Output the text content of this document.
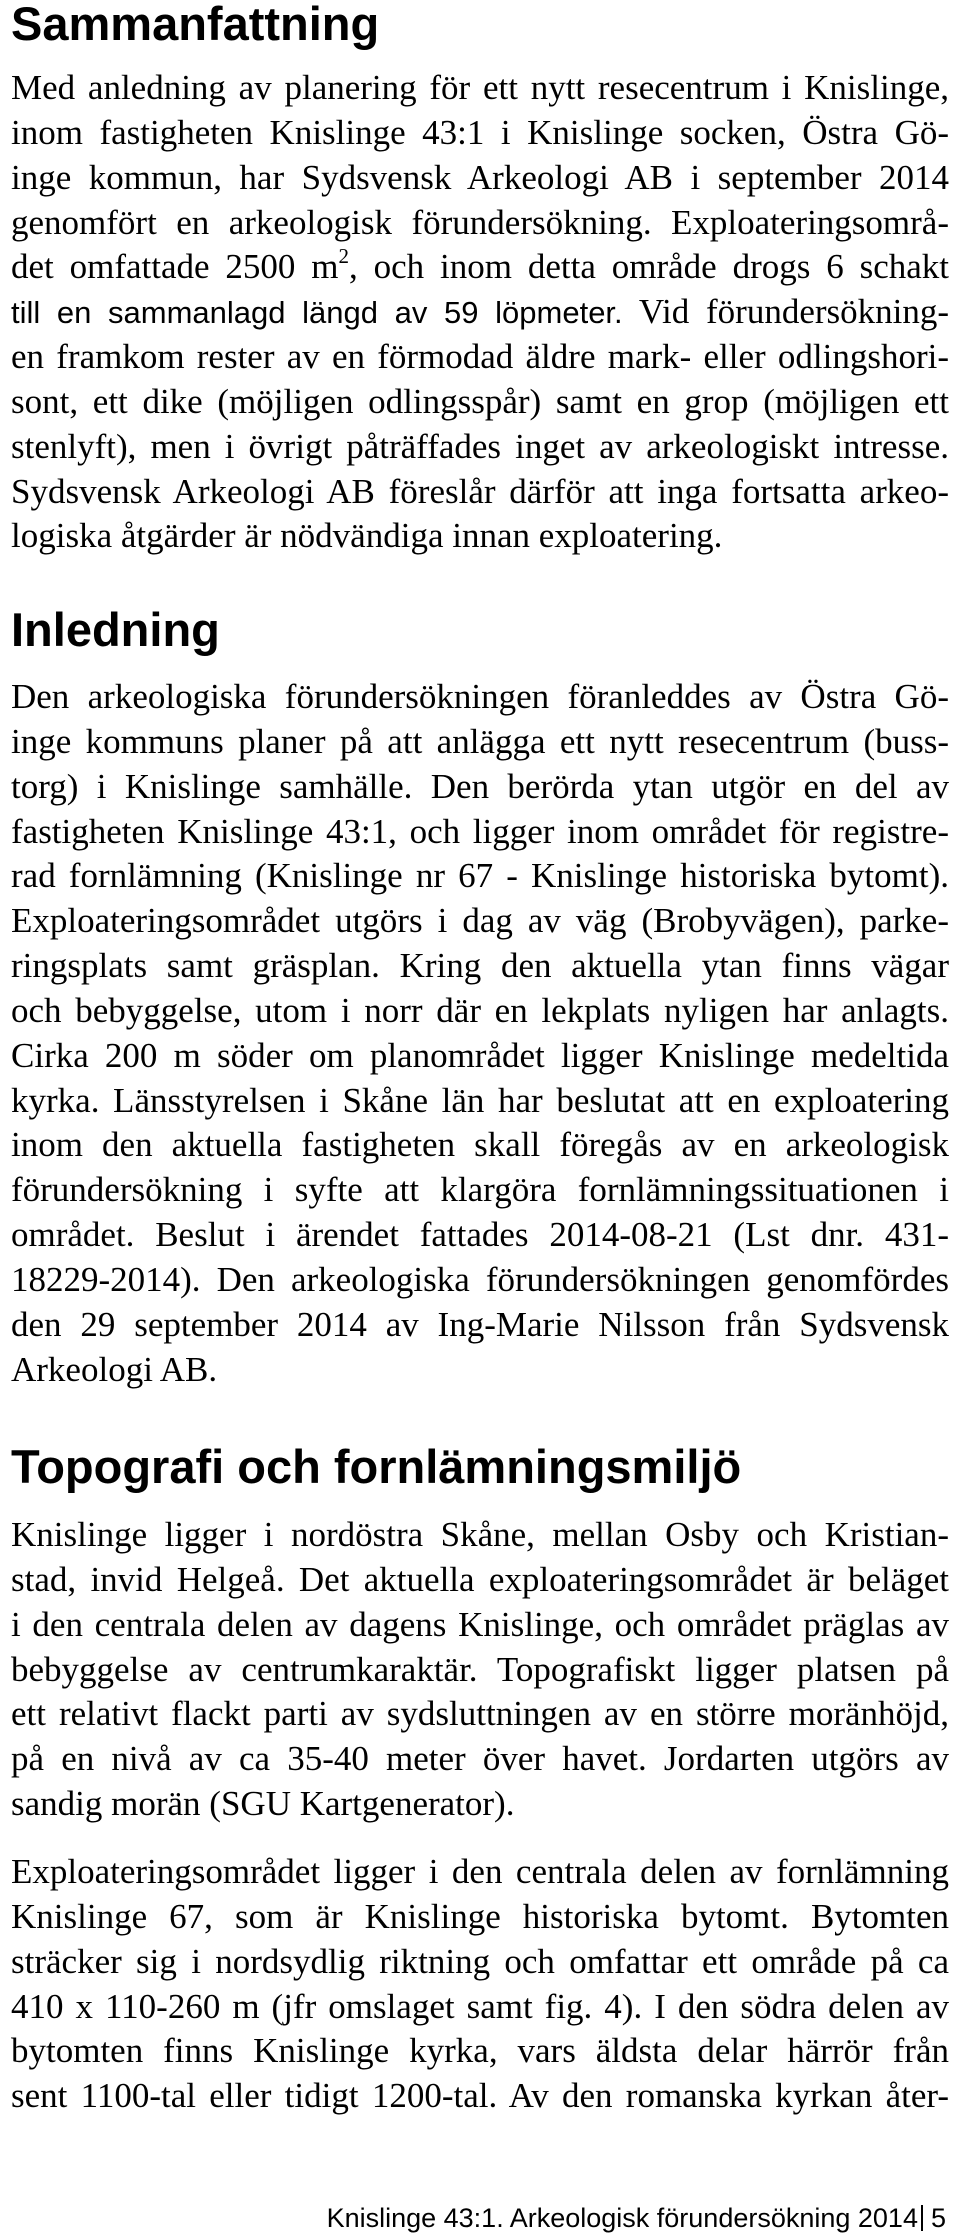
Sammanfattning
Med anledning av planering för ett nytt resecentrum i Knislinge,
inom fastigheten Knislinge 43:1 i Knislinge socken, Östra Gö-
inge kommun, har Sydsvensk Arkeologi AB i september 2014
genomfört en arkeologisk förundersökning. Exploateringsområ-
det omfattade 2500 $m^2$, och inom detta område drogs 6 schakt
till en sammanlagd längd av 59 löpmeter. Vid förundersökning-
en framkom rester av en förmodad äldre mark- eller odlingshori-
sont, ett dike (möjligen odlingsspår) samt en grop (möjligen ett
stenlyft), men i övrigt påträffades inget av arkeologiskt intresse.
Sydsvensk Arkeologi AB föreslår därför att inga fortsatta arkeo-
logiska åtgärder är nödvändiga innan exploatering.
Inledning
Den arkeologiska förundersökningen föranleddes av Östra Gö-
inge kommuns planer på att anlägga ett nytt resecentrum (buss-
torg) i Knislinge samhälle. Den berörda ytan utgör en del av
fastigheten Knislinge 43:1, och ligger inom området för registre-
rad fornlämning (Knislinge nr 67 - Knislinge historiska bytomt).
Exploateringsområdet utgörs i dag av väg (Brobyvägen), parke-
ringsplats samt gräsplan. Kring den aktuella ytan finns vägar
och bebyggelse, utom i norr där en lekplats nyligen har anlagts.
Cirka 200 m söder om planområdet ligger Knislinge medeltida
kyrka. Länsstyrelsen i Skåne län har beslutat att en exploatering
inom den aktuella fastigheten skall föregås av en arkeologisk
förundersökning i syfte att klargöra fornlämningssituationen i
området. Beslut i ärendet fattades 2014-08-21 (Lst dnr. 431-
18229-2014). Den arkeologiska förundersökningen genomfördes
den 29 september 2014 av Ing-Marie Nilsson från Sydsvensk
Arkeologi AB.
Topografi och fornlämningsmiljö
Knislinge ligger i nordöstra Skåne, mellan Osby och Kristian-
stad, invid Helgeå. Det aktuella exploateringsområdet är beläget
i den centrala delen av dagens Knislinge, och området präglas av
bebyggelse av centrumkaraktär. Topografiskt ligger platsen på
ett relativt flackt parti av sydsluttningen av en större moränhöjd,
på en nivå av ca 35-40 meter över havet. Jordarten utgörs av
sandig morän (SGU Kartgenerator).
Exploateringsområdet ligger i den centrala delen av fornlämning
Knislinge 67, som är Knislinge historiska bytomt. Bytomten
sträcker sig i nordsydlig riktning och omfattar ett område på ca
410 x 110-260 m (jfr omslaget samt fig. 4). I den södra delen av
bytomten finns Knislinge kyrka, vars äldsta delar härrör från
sent 1100-tal eller tidigt 1200-tal. Av den romanska kyrkan åter-
Knislinge 43:1. Arkeologisk förundersökning 2014 5
